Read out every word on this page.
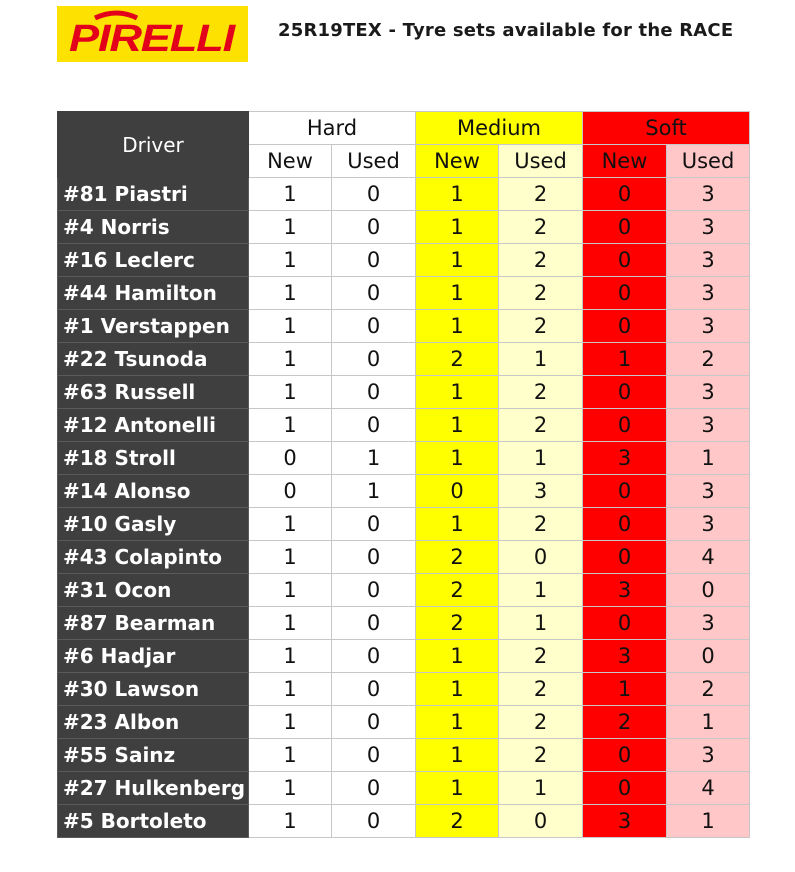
PIRELLI 25R19TEX - Tyre sets available for the RACE
Driver	Hard		Medium		Soft	
	New	Used	New	Used	New	Used
#81 Piastri	1	0	1	2	0	3
#4 Norris	1	0	1	2	0	3
#16 Leclerc	1	0	1	2	0	3
#44 Hamilton	1	0	1	2	0	3
#1 Verstappen	1	0	1	2	0	3
#22 Tsunoda	1	0	2	1	1	2
#63 Russell	1	0	1	2	0	3
#12 Antonelli	1	0	1	2	0	3
#18 Stroll	0	1	1	1	3	1
#14 Alonso	0	1	0	3	0	3
#10 Gasly	1	0	1	2	0	3
#43 Colapinto	1	0	2	0	0	4
#31 Ocon	1	0	2	1	3	0
#87 Bearman	1	0	2	1	0	3
#6 Hadjar	1	0	1	2	3	0
#30 Lawson	1	0	1	2	1	2
#23 Albon	1	0	1	2	2	1
#55 Sainz	1	0	1	2	0	3
#27 Hulkenberg	1	0	1	1	0	4
#5 Bortoleto	1	0	2	0	3	1
